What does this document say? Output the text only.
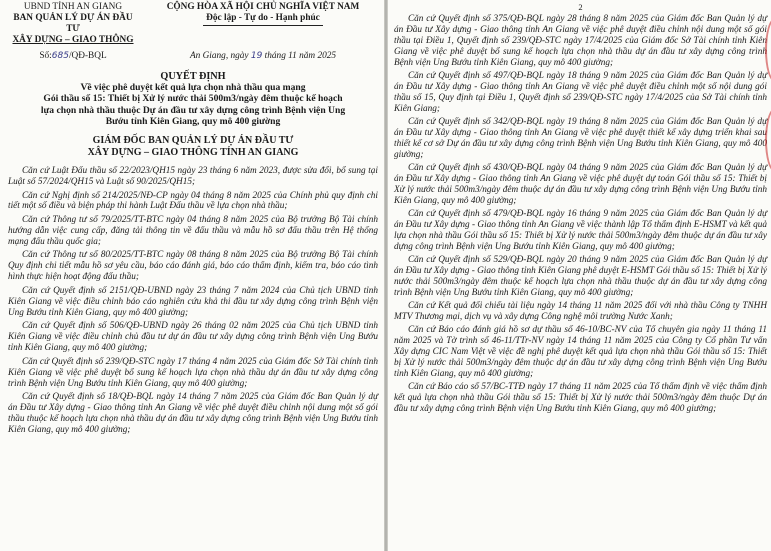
UBND TỈNH AN GIANG
BAN QUẢN LÝ DỰ ÁN ĐẦU TƯ
XÂY DỰNG – GIAO THÔNG
CỘNG HÒA XÃ HỘI CHỦ NGHĨA VIỆT NAM
Độc lập - Tự do - Hạnh phúc
Số:685/QĐ-BQL	An Giang, ngày 19 tháng 11 năm 2025
QUYẾT ĐỊNH
Về việc phê duyệt kết quả lựa chọn nhà thầu qua mạng
Gói thầu số 15: Thiết bị Xử lý nước thải 500m3/ngày đêm thuộc kế hoạch
lựa chọn nhà thầu thuộc Dự án đầu tư xây dựng công trình Bệnh viện Ung
Bướu tỉnh Kiên Giang, quy mô 400 giường
GIÁM ĐỐC BAN QUẢN LÝ DỰ ÁN ĐẦU TƯ
XÂY DỰNG – GIAO THÔNG TỈNH AN GIANG

Căn cứ Luật Đấu thầu số 22/2023/QH15 ngày 23 tháng 6 năm 2023, được sửa đổi, bổ sung tại Luật số 57/2024/QH15 và Luật số 90/2025/QH15;

Căn cứ Nghị định số 214/2025/NĐ-CP ngày 04 tháng 8 năm 2025 của Chính phủ quy định chi tiết một số điều và biện pháp thi hành Luật Đấu thầu về lựa chọn nhà thầu;

Căn cứ Thông tư số 79/2025/TT-BTC ngày 04 tháng 8 năm 2025 của Bộ trưởng Bộ Tài chính hướng dẫn việc cung cấp, đăng tải thông tin về đấu thầu và mẫu hồ sơ đấu thầu trên Hệ thống mạng đấu thầu quốc gia;

Căn cứ Thông tư số 80/2025/TT-BTC ngày 08 tháng 8 năm 2025 của Bộ trưởng Bộ Tài chính Quy định chi tiết mẫu hồ sơ yêu cầu, báo cáo đánh giá, báo cáo thẩm định, kiểm tra, báo cáo tình hình thực hiện hoạt động đấu thầu;

Căn cứ Quyết định số 2151/QĐ-UBND ngày 23 tháng 7 năm 2024 của Chủ tịch UBND tỉnh Kiên Giang về việc điều chỉnh báo cáo nghiên cứu khả thi đầu tư xây dựng công trình Bệnh viện Ung Bướu tỉnh Kiên Giang, quy mô 400 giường;

Căn cứ Quyết định số 506/QĐ-UBND ngày 26 tháng 02 năm 2025 của Chủ tịch UBND tỉnh Kiên Giang về việc điều chỉnh chủ đầu tư dự án đầu tư xây dựng công trình Bệnh viện Ung Bướu tỉnh Kiên Giang, quy mô 400 giường;

Căn cứ Quyết định số 239/QĐ-STC ngày 17 tháng 4 năm 2025 của Giám đốc Sở Tài chính tỉnh Kiên Giang về việc phê duyệt bổ sung kế hoạch lựa chọn nhà thầu dự án đầu tư xây dựng công trình Bệnh viện Ung Bướu tỉnh Kiên Giang, quy mô 400 giường;

Căn cứ Quyết định số 18/QĐ-BQL ngày 14 tháng 7 năm 2025 của Giám đốc Ban Quản lý dự án Đầu tư Xây dựng - Giao thông tỉnh An Giang về việc phê duyệt điều chỉnh nội dung một số gói thầu thuộc kế hoạch lựa chọn nhà thầu dự án đầu tư xây dựng công trình Bệnh viện Ung Bướu tỉnh Kiên Giang, quy mô 400 giường;

2

Căn cứ Quyết định số 375/QĐ-BQL ngày 28 tháng 8 năm 2025 của Giám đốc Ban Quản lý dự án Đầu tư Xây dựng - Giao thông tỉnh An Giang về việc phê duyệt điều chỉnh nội dung một số gói thầu tại Điều 1, Quyết định số 239/QĐ-STC ngày 17/4/2025 của Giám đốc Sở Tài chính tỉnh Kiên Giang về việc phê duyệt bổ sung kế hoạch lựa chọn nhà thầu dự án đầu tư xây dựng công trình Bệnh viện Ung Bướu tỉnh Kiên Giang, quy mô 400 giường;

Căn cứ Quyết định số 497/QĐ-BQL ngày 18 tháng 9 năm 2025 của Giám đốc Ban Quản lý dự án Đầu tư Xây dựng - Giao thông tỉnh An Giang về việc phê duyệt điều chỉnh một số nội dung gói thầu số 15, Quy định tại Điều 1, Quyết định số 239/QĐ-STC ngày 17/4/2025 của Sở Tài chính tỉnh Kiên Giang;

Căn cứ Quyết định số 342/QĐ-BQL ngày 19 tháng 8 năm 2025 của Giám đốc Ban Quản lý dự án Đầu tư Xây dựng - Giao thông tỉnh An Giang về việc phê duyệt thiết kế xây dựng triển khai sau thiết kế cơ sở Dự án đầu tư xây dựng công trình Bệnh viện Ung Bướu tỉnh Kiên Giang, quy mô 400 giường;

Căn cứ Quyết định số 430/QĐ-BQL ngày 04 tháng 9 năm 2025 của Giám đốc Ban Quản lý dự án Đầu tư Xây dựng - Giao thông tỉnh An Giang về việc phê duyệt dự toán Gói thầu số 15: Thiết bị Xử lý nước thải 500m3/ngày đêm thuộc dự án đầu tư xây dựng công trình Bệnh viện Ung Bướu tỉnh Kiên Giang, quy mô 400 giường;

Căn cứ Quyết định số 479/QĐ-BQL ngày 16 tháng 9 năm 2025 của Giám đốc Ban Quản lý dự án Đầu tư Xây dựng - Giao thông tỉnh An Giang về việc thành lập Tổ thẩm định E-HSMT và kết quả lựa chọn nhà thầu Gói thầu số 15: Thiết bị Xử lý nước thải 500m3/ngày đêm thuộc dự án đầu tư xây dựng công trình Bệnh viện Ung Bướu tỉnh Kiên Giang, quy mô 400 giường;

Căn cứ Quyết định số 529/QĐ-BQL ngày 20 tháng 9 năm 2025 của Giám đốc Ban Quản lý dự án Đầu tư Xây dựng - Giao thông tỉnh Kiên Giang phê duyệt E-HSMT Gói thầu số 15: Thiết bị Xử lý nước thải 500m3/ngày đêm thuộc kế hoạch lựa chọn nhà thầu thuộc dự án đầu tư xây dựng công trình Bệnh viện Ung Bướu tỉnh Kiên Giang, quy mô 400 giường;

Căn cứ Kết quả đối chiếu tài liệu ngày 14 tháng 11 năm 2025 đối với nhà thầu Công ty TNHH MTV Thương mại, dịch vụ và xây dựng Công nghệ môi trường Nước Xanh;

Căn cứ Báo cáo đánh giá hồ sơ dự thầu số 46-10/BC-NV của Tổ chuyên gia ngày 11 tháng 11 năm 2025 và Tờ trình số 46-11/TTr-NV ngày 14 tháng 11 năm 2025 của Công ty Cổ phần Tư vấn Xây dựng CIC Nam Việt về việc đề nghị phê duyệt kết quả lựa chọn nhà thầu Gói thầu số 15: Thiết bị Xử lý nước thải 500m3/ngày đêm thuộc dự án đầu tư xây dựng công trình Bệnh viện Ung Bướu tỉnh Kiên Giang, quy mô 400 giường;

Căn cứ Báo cáo số 57/BC-TTĐ ngày 17 tháng 11 năm 2025 của Tổ thẩm định về việc thẩm định kết quả lựa chọn nhà thầu Gói thầu số 15: Thiết bị Xử lý nước thải 500m3/ngày đêm thuộc Dự án đầu tư xây dựng công trình Bệnh viện Ung Bướu tỉnh Kiên Giang, quy mô 400 giường;
